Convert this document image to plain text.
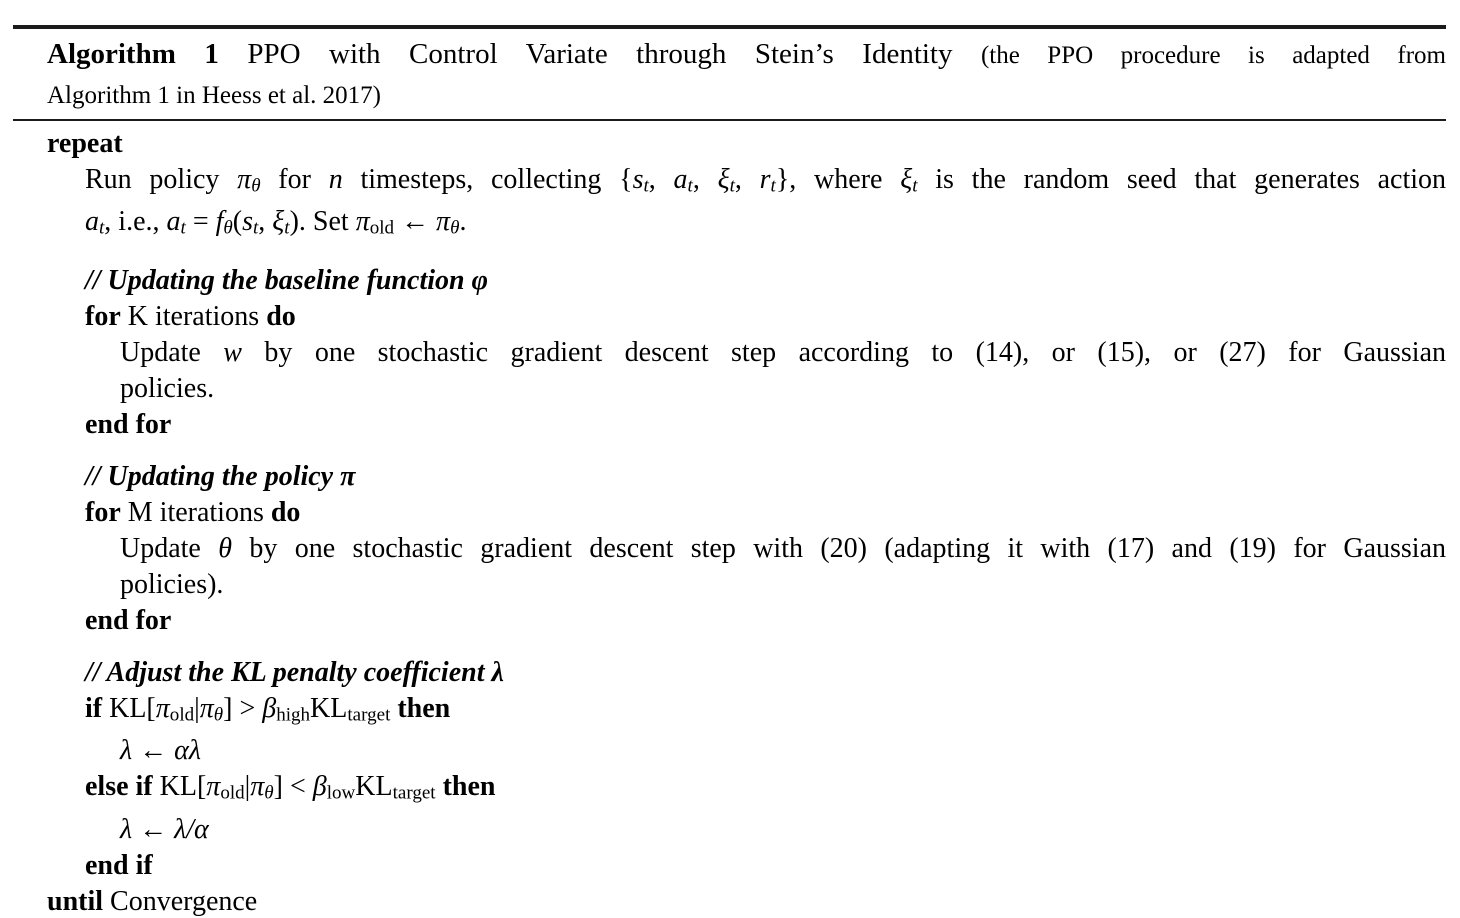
Algorithm 1 PPO with Control Variate through Stein’s Identity (the PPO procedure is adapted from
Algorithm 1 in Heess et al. 2017)
repeat
Run policy πθ for n timesteps, collecting {st, at, ξt, rt}, where ξt is the random seed that generates action
at, i.e., at = fθ(st, ξt). Set πold ← πθ.
// Updating the baseline function φ
for K iterations do
Update w by one stochastic gradient descent step according to (14), or (15), or (27) for Gaussian
policies.
end for
// Updating the policy π
for M iterations do
Update θ by one stochastic gradient descent step with (20) (adapting it with (17) and (19) for Gaussian
policies).
end for
// Adjust the KL penalty coefficient λ
if KL[πold|πθ] > βhighKLtarget then
λ ← αλ
else if KL[πold|πθ] < βlowKLtarget then
λ ← λ/α
end if
until Convergence
